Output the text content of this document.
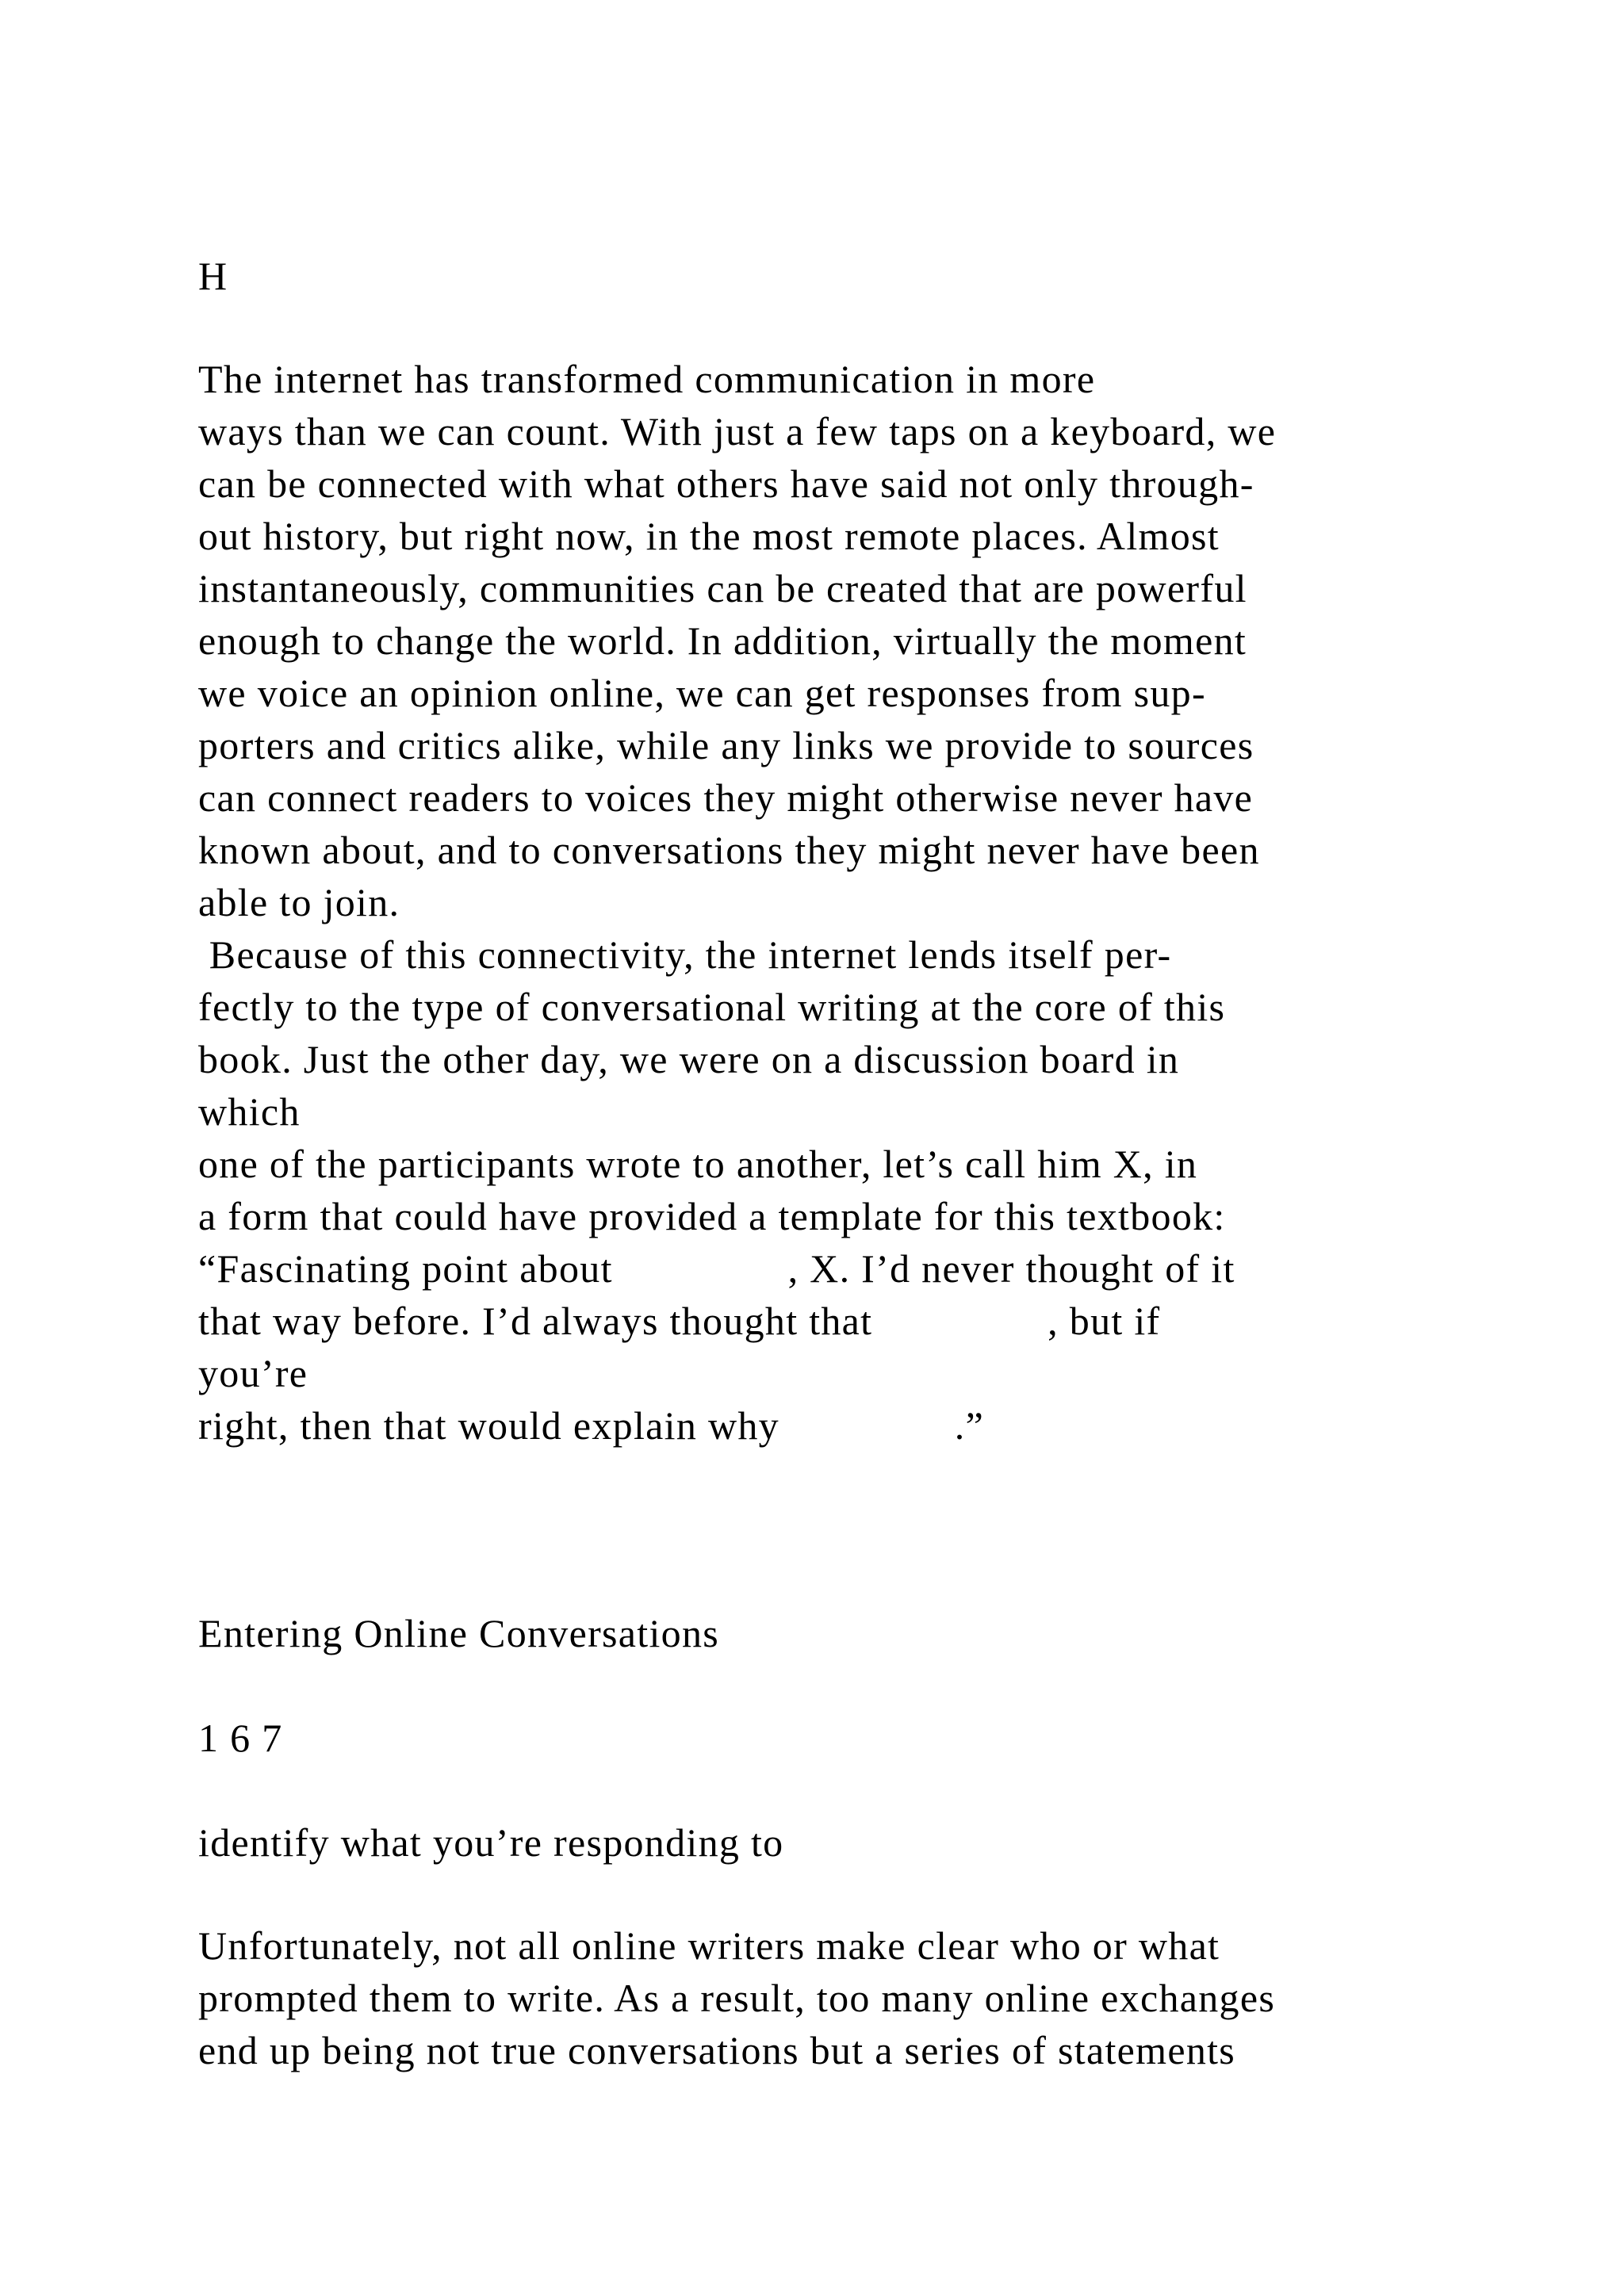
H

The internet has transformed communication in more

ways than we can count. With just a few taps on a keyboard, we

can be connected with what others have said not only through-

out history, but right now, in the most remote places. Almost

instantaneously, communities can be created that are powerful

enough to change the world. In addition, virtually the moment

we voice an opinion online, we can get responses from sup-

porters and critics alike, while any links we provide to sources

can connect readers to voices they might otherwise never have

known about, and to conversations they might never have been

able to join.

Because of this connectivity, the internet lends itself per-

fectly to the type of conversational writing at the core of this

book. Just the other day, we were on a discussion board in

which

one of the participants wrote to another, let’s call him X, in

a form that could have provided a template for this textbook:

“Fascinating point about                , X. I’d never thought of it

that way before. I’d always thought that                , but if

you’re

right, then that would explain why                .”

Entering Online Conversations

1 6 7

identify what you’re responding to

Unfortunately, not all online writers make clear who or what

prompted them to write. As a result, too many online exchanges

end up being not true conversations but a series of statements
